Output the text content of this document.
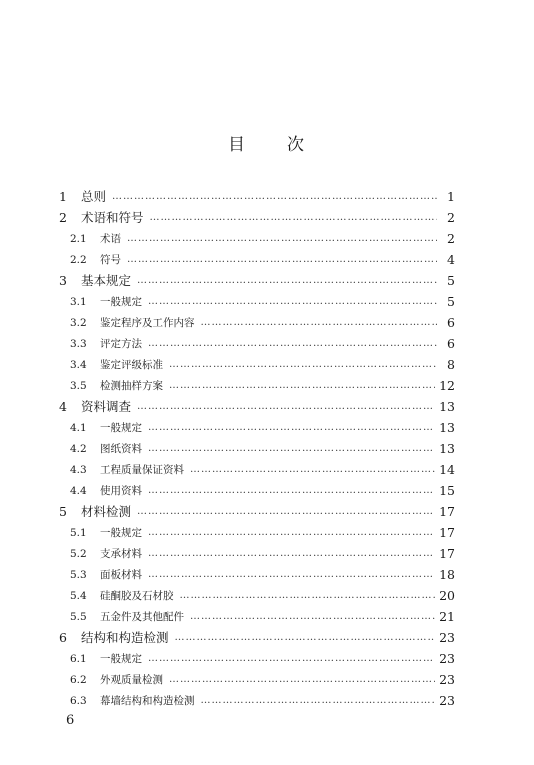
目 次
1	总则 …………………………………………………………………………………………………………………………………………	1
2	术语和符号 …………………………………………………………………………………………………………………………………………	2
2.1	术语 …………………………………………………………………………………………………………………………………………	2
2.2	符号 …………………………………………………………………………………………………………………………………………	4
3	基本规定 …………………………………………………………………………………………………………………………………………	5
3.1	一般规定 …………………………………………………………………………………………………………………………………………	5
3.2	鉴定程序及工作内容 …………………………………………………………………………………………………………………………………………	6
3.3	评定方法 …………………………………………………………………………………………………………………………………………	6
3.4	鉴定评级标准 …………………………………………………………………………………………………………………………………………	8
3.5	检测抽样方案 …………………………………………………………………………………………………………………………………………	12
4	资料调查 …………………………………………………………………………………………………………………………………………	13
4.1	一般规定 …………………………………………………………………………………………………………………………………………	13
4.2	图纸资料 …………………………………………………………………………………………………………………………………………	13
4.3	工程质量保证资料 …………………………………………………………………………………………………………………………………………	14
4.4	使用资料 …………………………………………………………………………………………………………………………………………	15
5	材料检测 …………………………………………………………………………………………………………………………………………	17
5.1	一般规定 …………………………………………………………………………………………………………………………………………	17
5.2	支承材料 …………………………………………………………………………………………………………………………………………	17
5.3	面板材料 …………………………………………………………………………………………………………………………………………	18
5.4	硅酮胶及石材胶 …………………………………………………………………………………………………………………………………………	20
5.5	五金件及其他配件 …………………………………………………………………………………………………………………………………………	21
6	结构和构造检测 …………………………………………………………………………………………………………………………………………	23
6.1	一般规定 …………………………………………………………………………………………………………………………………………	23
6.2	外观质量检测 …………………………………………………………………………………………………………………………………………	23
6.3	幕墙结构和构造检测 …………………………………………………………………………………………………………………………………………	23
6
